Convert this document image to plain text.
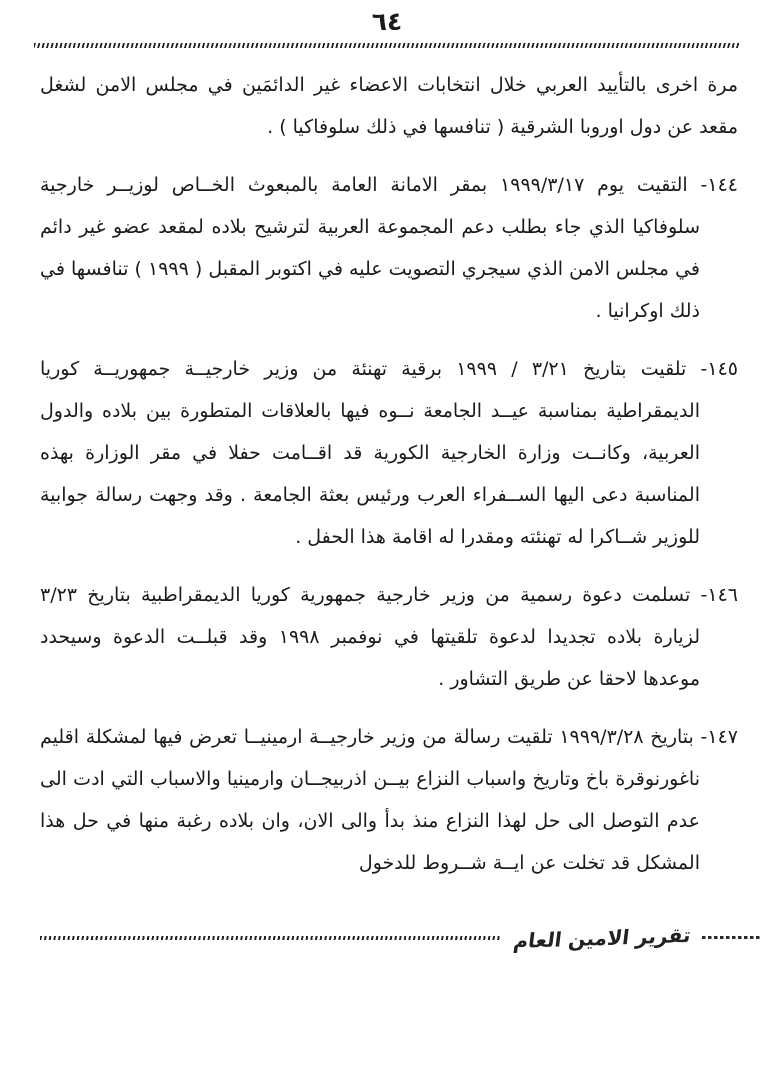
٦٤

مرة اخرى بالتأييد العربي خلال انتخابات الاعضاء غير الدائمَين في مجلس الامن لشغل مقعد عن دول اوروبا الشرقية ( تنافسها في ذلك سلوفاكيا ) .

١٤٤- التقيت يوم ١٩٩٩/٣/١٧ بمقر الامانة العامة بالمبعوث الخــاص لوزيــر خارجية سلوفاكيا الذي جاء بطلب دعم المجموعة العربية لترشيح بلاده لمقعد عضو غير دائم في مجلس الامن الذي سيجري التصويت عليه في اكتوبر المقبل ( ١٩٩٩ ) تنافسها في ذلك اوكرانيا .

١٤٥- تلقيت بتاريخ ٣/٢١ / ١٩٩٩ برقية تهنئة من وزير خارجيــة جمهوريــة كوريا الديمقراطية بمناسبة عيــد الجامعة نــوه فيها بالعلاقات المتطورة بين بلاده والدول العربية، وكانــت وزارة الخارجية الكورية قد اقــامت حفلا في مقر الوزارة بهذه المناسبة دعى اليها الســفراء العرب ورئيس بعثة الجامعة . وقد وجهت رسالة جوابية للوزير شــاكرا له تهنئته ومقدرا له اقامة هذا الحفل .

١٤٦- تسلمت دعوة رسمية من وزير خارجية جمهورية كوريا الديمقراطبية بتاريخ ٣/٢٣ لزيارة بلاده تجديدا لدعوة تلقيتها في نوفمبر ١٩٩٨ وقد قبلــت الدعوة وسيحدد موعدها لاحقا عن طريق التشاور .

١٤٧- بتاريخ ١٩٩٩/٣/٢٨ تلقيت رسالة من وزير خارجيــة ارمينيــا تعرض فيها لمشكلة اقليم ناغورنوقرة باخ وتاريخ واسباب النزاع بيــن اذربيجــان وارمينيا والاسباب التي ادت الى عدم التوصل الى حل لهذا النزاع منذ بدأ والى الان، وان بلاده رغبة منها في حل هذا المشكل قد تخلت عن ايــة شــروط للدخول

تقرير الامين العام
